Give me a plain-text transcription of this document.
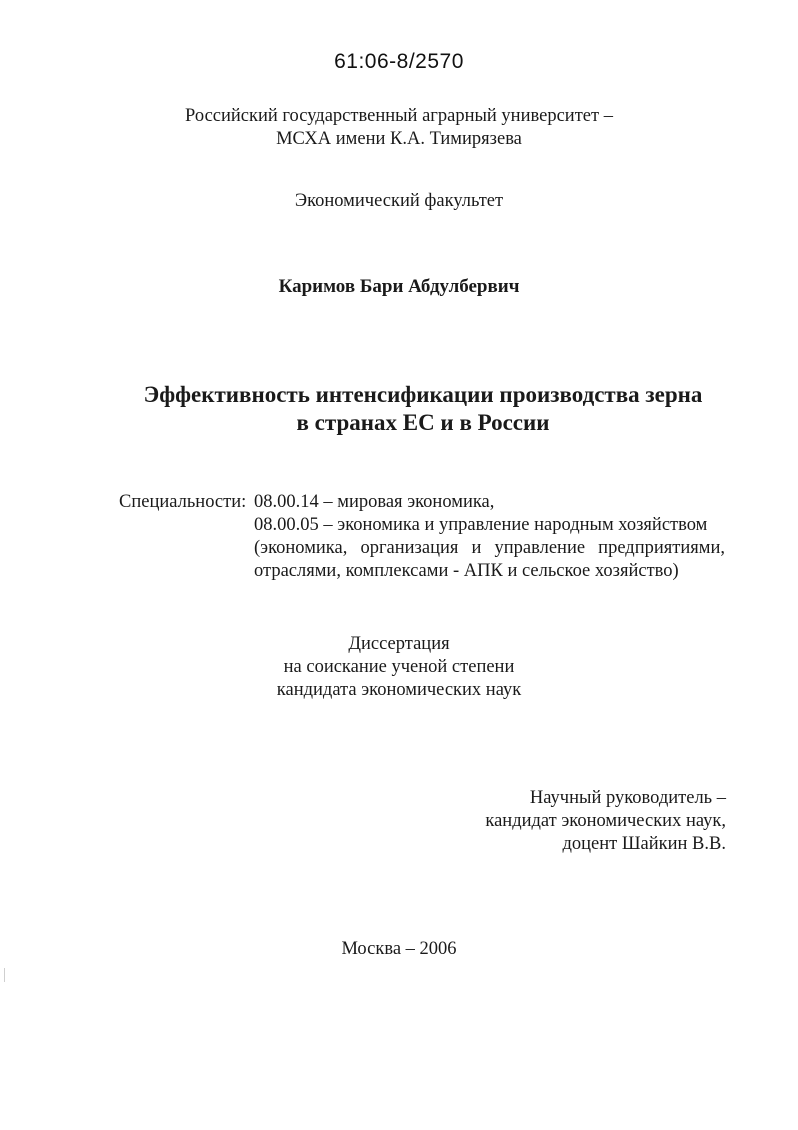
61:06-8/2570
Российский государственный аграрный университет –
МСХА имени К.А. Тимирязева
Экономический факультет
Каримов Бари Абдулбервич
Эффективность интенсификации производства зерна
в странах ЕС и в России
Специальности: 08.00.14 – мировая экономика,
08.00.05 – экономика и управление народным хозяйством
(экономика, организация и управление предприятиями,
отраслями, комплексами - АПК и сельское хозяйство)
Диссертация
на соискание ученой степени
кандидата экономических наук
Научный руководитель –
кандидат экономических наук,
доцент Шайкин В.В.
Москва – 2006
